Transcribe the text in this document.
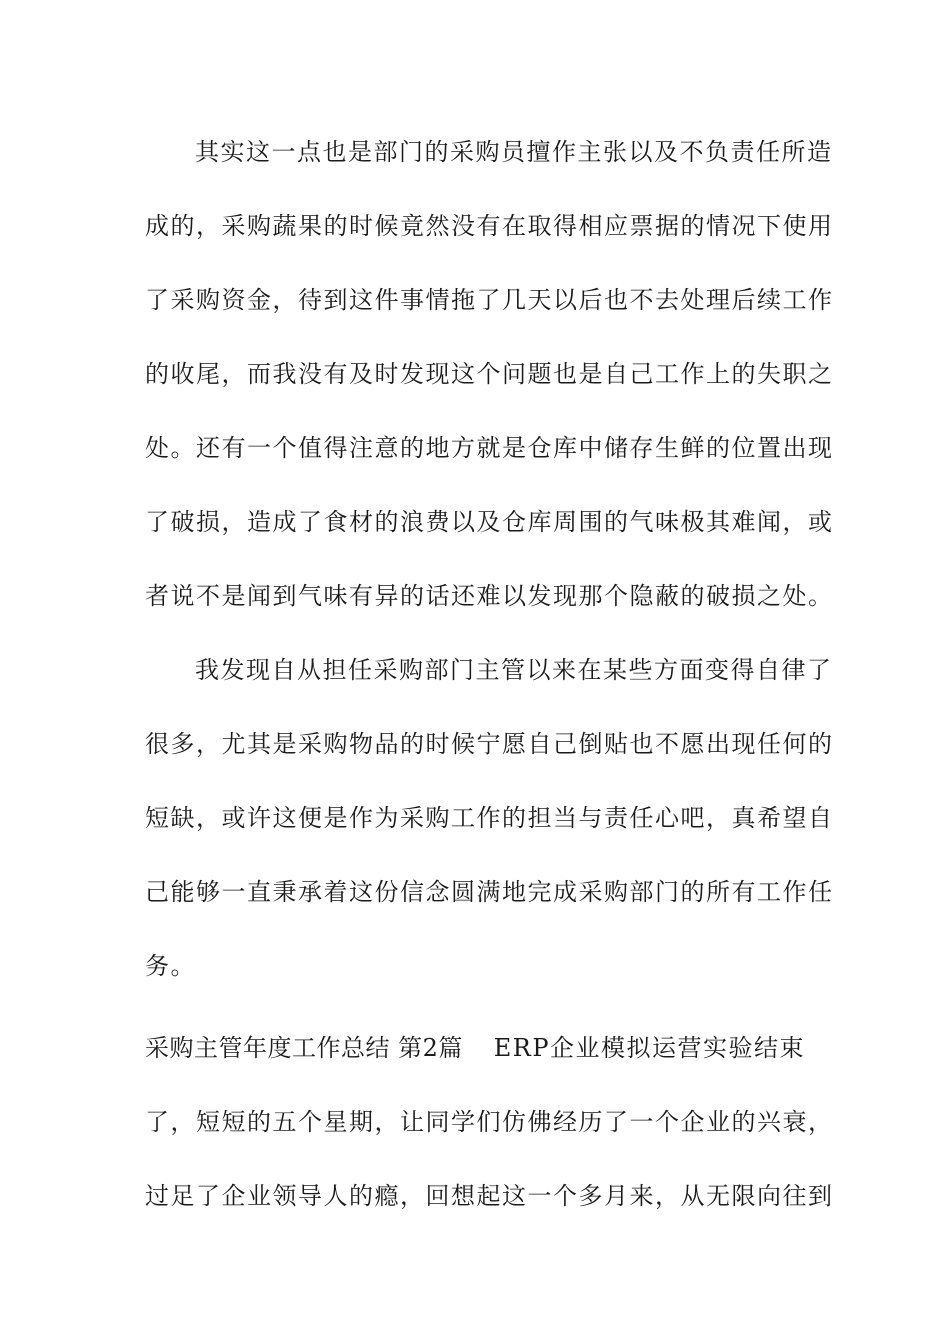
其实这一点也是部门的采购员擅作主张以及不负责任所造
成的，采购蔬果的时候竟然没有在取得相应票据的情况下使用
了采购资金，待到这件事情拖了几天以后也不去处理后续工作
的收尾，而我没有及时发现这个问题也是自己工作上的失职之
处。还有一个值得注意的地方就是仓库中储存生鲜的位置出现
了破损，造成了食材的浪费以及仓库周围的气味极其难闻，或
者说不是闻到气味有异的话还难以发现那个隐蔽的破损之处。
我发现自从担任采购部门主管以来在某些方面变得自律了
很多，尤其是采购物品的时候宁愿自己倒贴也不愿出现任何的
短缺，或许这便是作为采购工作的担当与责任心吧，真希望自
己能够一直秉承着这份信念圆满地完成采购部门的所有工作任
务。
采购主管年度工作总结 第2篇 ERP企业模拟运营实验结束
了，短短的五个星期，让同学们仿佛经历了一个企业的兴衰，
过足了企业领导人的瘾，回想起这一个多月来，从无限向往到
